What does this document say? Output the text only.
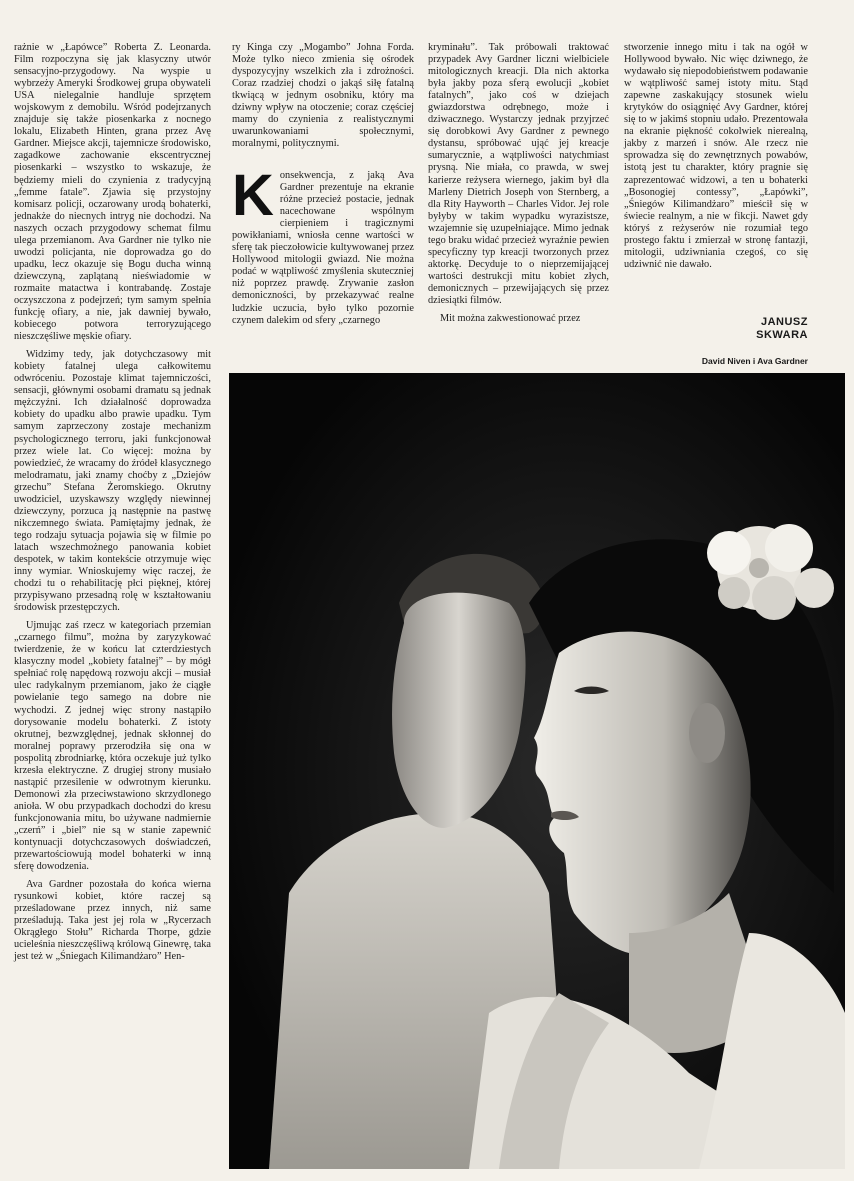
rażnie w „Łapówce” Roberta Z. Leonarda. Film rozpoczyna się jak klasyczny utwór sensacyjno-przygodowy. Na wyspie u wybrzeży Ameryki Środkowej grupa obywateli USA nielegalnie handluje sprzętem wojskowym z demobilu. Wśród podejrzanych znajduje się także piosenkarka z nocnego lokalu, Elizabeth Hinten, grana przez Avę Gardner. Miejsce akcji, tajemnicze środowisko, zagadkowe zachowanie ekscentrycznej piosenkarki – wszystko to wskazuje, że będziemy mieli do czynienia z tradycyjną „femme fatale”. Zjawia się przystojny komisarz policji, oczarowany urodą bohaterki, jednakże do niecnych intryg nie dochodzi. Na naszych oczach przygodowy schemat filmu ulega przemianom. Ava Gardner nie tylko nie uwodzi policjanta, nie doprowadza go do upadku, lecz okazuje się Bogu ducha winną dziewczyną, zaplątaną nieświadomie w rozmaite matactwa i kontrabandę. Zostaje oczyszczona z podejrzeń; tym samym spełnia funkcję ofiary, a nie, jak dawniej bywało, kobiecego potwora terroryzującego nieszczęśliwe męskie ofiary.

Widzimy tedy, jak dotychczasowy mit kobiety fatalnej ulega całkowitemu odwróceniu. Pozostaje klimat tajemniczości, sensacji, głównymi osobami dramatu są jednak mężczyźni. Ich działalność doprowadza kobiety do upadku albo prawie upadku. Tym samym zaprzeczony zostaje mechanizm psychologicznego terroru, jaki funkcjonował przez wiele lat. Co więcej: można by powiedzieć, że wracamy do źródeł klasycznego melodramatu, jaki znamy choćby z „Dziejów grzechu” Stefana Żeromskiego. Okrutny uwodziciel, uzyskawszy względy niewinnej dziewczyny, porzuca ją następnie na pastwę nikczemnego świata. Pamiętajmy jednak, że tego rodzaju sytuacja pojawia się w filmie po latach wszechmożnego panowania kobiet despotek, w takim kontekście otrzymuje więc inny wymiar. Wnioskujemy więc raczej, że chodzi tu o rehabilitację płci pięknej, której przypisywano przesadną rolę w kształtowaniu środowisk przestępczych.

Ujmując zaś rzecz w kategoriach przemian „czarnego filmu”, można by zaryzykować twierdzenie, że w końcu lat czterdziestych klasyczny model „kobiety fatalnej” – by mógł spełniać rolę napędową rozwoju akcji – musiał ulec radykalnym przemianom, jako że ciągłe powielanie tego samego na dobre nie wychodzi. Z jednej więc strony nastąpiło dorysowanie modelu bohaterki. Z istoty okrutnej, bezwzględnej, jednak skłonnej do moralnej poprawy przerodziła się ona w pospolitą zbrodniarkę, która oczekuje już tylko krzesła elektryczne. Z drugiej strony musiało nastąpić przesilenie w odwrotnym kierunku. Demonowi zła przeciwstawiono skrzydlonego anioła. W obu przypadkach dochodzi do kresu funkcjonowania mitu, bo używane nadmiernie „czerń” i „biel” nie są w stanie zapewnić kontynuacji dotychczasowych doświadczeń, przewartościowują model bohaterki w inną sferę dowodzenia.

Ava Gardner pozostała do końca wierna rysunkowi kobiet, które raczej są prześladowane przez innych, niż same prześladują. Taka jest jej rola w „Rycerzach Okrągłego Stołu” Richarda Thorpe, gdzie ucieleśnia nieszczęśliwą królową Ginewrę, taka jest też w „Śniegach Kilimandżaro” Hen-

ry Kinga czy „Mogambo” Johna Forda. Może tylko nieco zmienia się ośrodek dyspozycyjny wszelkich zła i zdrożności. Coraz rzadziej chodzi o jakąś siłę fatalną tkwiącą w jednym osobniku, który ma dziwny wpływ na otoczenie; coraz częściej mamy do czynienia z realistycznymi uwarunkowaniami społecznymi, moralnymi, politycznymi.

K onsekwencja, z jaką Ava Gardner prezentuje na ekranie różne przecież postacie, jednak nacechowane wspólnym cierpieniem i tragicznymi powikłaniami, wniosła cenne wartości w sferę tak pieczołowicie kultywowanej przez Hollywood mitologii gwiazd. Nie można podać w wątpliwość zmyślenia skuteczniej niż poprzez prawdę. Zrywanie zasłon demoniczności, by przekazywać realne ludzkie uczucia, było tylko pozornie czynem dalekim od sfery „czarnego

kryminału”. Tak próbowali traktować przypadek Avy Gardner liczni wielbiciele mitologicznych kreacji. Dla nich aktorka była jakby poza sferą ewolucji „kobiet fatalnych”, jako coś w dziejach gwiazdorstwa odrębnego, może i dziwacznego. Wystarczy jednak przyjrzeć się dorobkowi Avy Gardner z pewnego dystansu, spróbować ująć jej kreacje sumarycznie, a wątpliwości natychmiast prysną. Nie miała, co prawda, w swej karierze reżysera wiernego, jakim był dla Marleny Dietrich Joseph von Sternberg, a dla Rity Hayworth – Charles Vidor. Jej role byłyby w takim wypadku wyrazistsze, wzajemnie się uzupełniające. Mimo jednak tego braku widać przecież wyraźnie pewien specyficzny typ kreacji tworzonych przez aktorkę. Decyduje to o nieprzemijającej wartości destrukcji mitu kobiet złych, demonicznych – przewijających się przez dziesiątki filmów.

Mit można zakwestionować przez

stworzenie innego mitu i tak na ogół w Hollywood bywało. Nic więc dziwnego, że wydawało się niepodobieństwem podawanie w wątpliwość samej istoty mitu. Stąd zapewne zaskakujący stosunek wielu krytyków do osiągnięć Avy Gardner, której się to w jakimś stopniu udało. Prezentowała na ekranie piękność cokolwiek nierealną, jakby z marzeń i snów. Ale rzecz nie sprowadza się do zewnętrznych powabów, istotą jest tu charakter, który pragnie się zaprezentować widzowi, a ten u bohaterki „Bosonogiej contessy”, „Łapówki”, „Śniegów Kilimandżaro” mieścił się w świecie realnym, a nie w fikcji. Nawet gdy któryś z reżyserów nie rozumiał tego prostego faktu i zmierzał w stronę fantazji, mitologii, udziwniania czegoś, co się udziwnić nie dawało.

JANUSZ
SKWARA
David Niven i Ava Gardner
